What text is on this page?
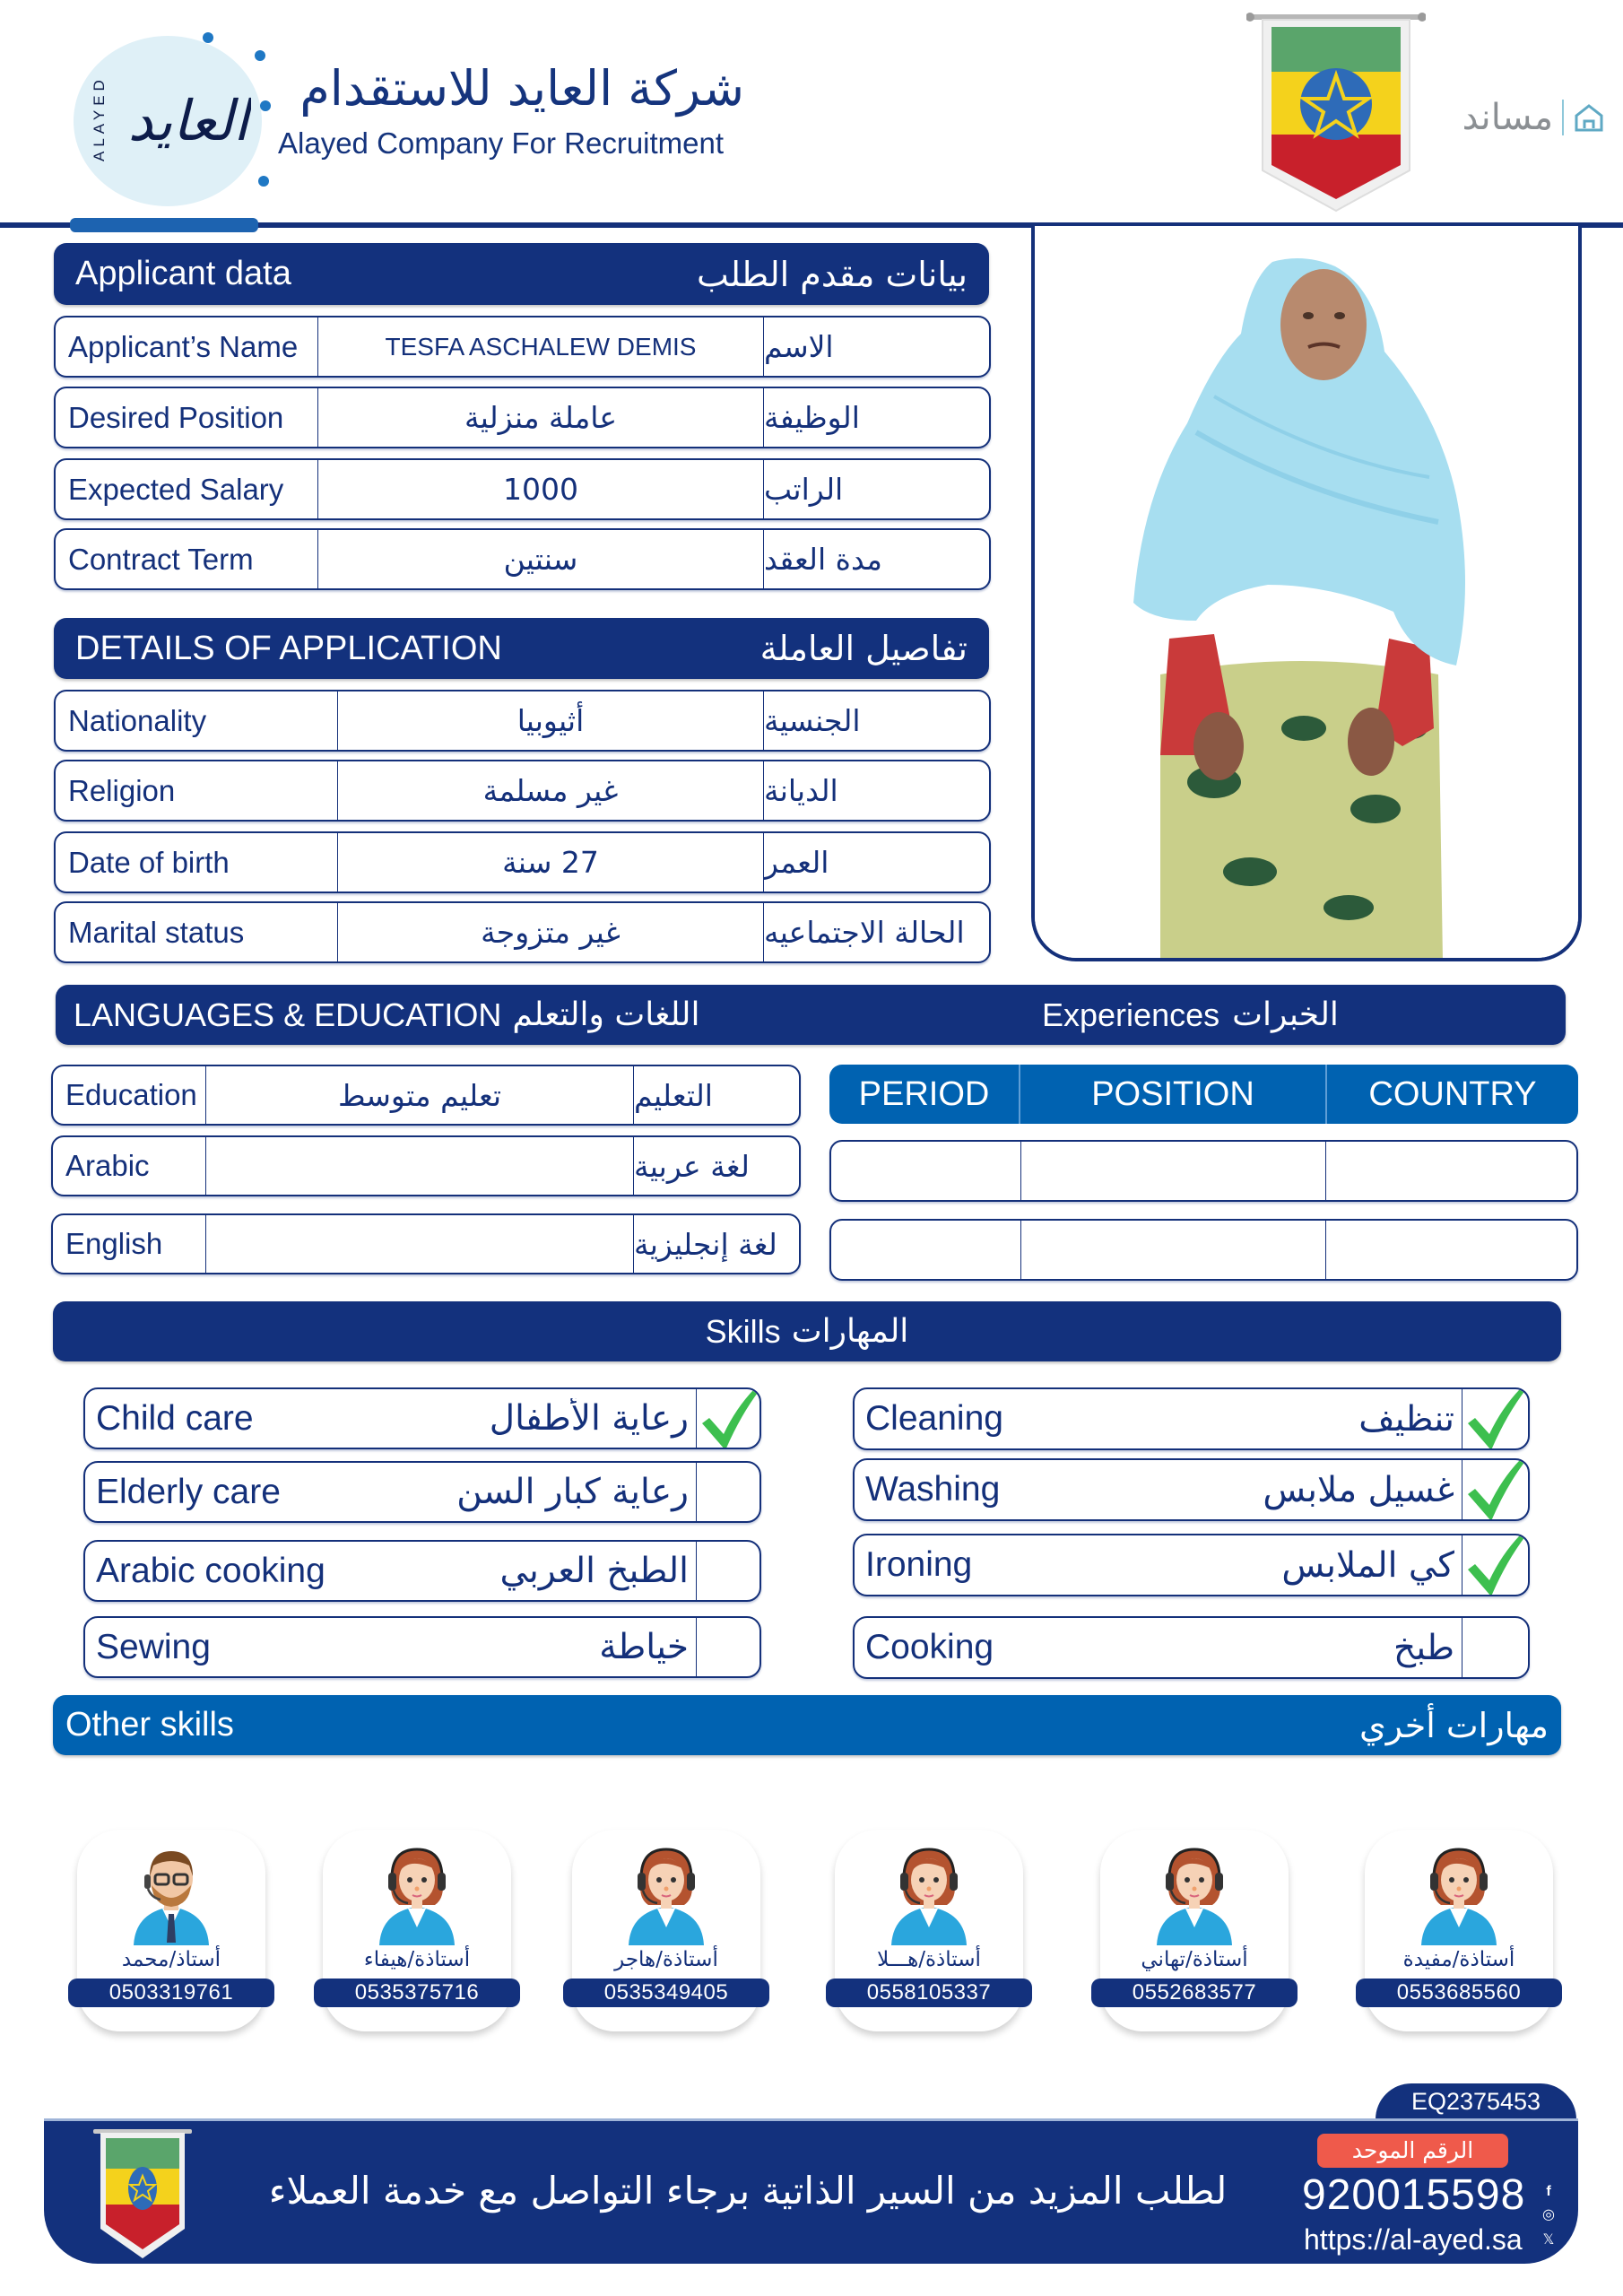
ALAYED العايد	شركة العايد للاستقدام
Alayed Company For Recruitment
مساند
Applicant data	بيانات مقدم الطلب
Applicant’s Name	TESFA ASCHALEW DEMIS	الاسم
Desired Position	عاملة منزلية	الوظيفة
Expected Salary	1000	الراتب
Contract Term	سنتين	مدة العقد
DETAILS OF APPLICATION	تفاصيل العاملة
Nationality	أثيوبيا	الجنسية
Religion	غير مسلمة	الديانة
Date of birth	27 سنة	العمر
Marital status	غير متزوجة	الحالة الاجتماعيه
LANGUAGES & EDUCATION اللغات والتعلم	Experiences الخبرات
Education	تعليم متوسط	التعليم
Arabic	لغة عربية
English	لغة إنجليزية
PERIOD	POSITION	COUNTRY
Skills المهارات
Child care	رعاية الأطفال
Elderly care	رعاية كبار السن
Arabic cooking	الطبخ العربي
Sewing	خياطة
Cleaning	تنظيف
Washing	غسيل ملابس
Ironing	كي الملابس
Cooking	طبخ
Other skills	مهارات أخري
أستاذ/محمد
0503319761
أستاذة/هيفاء
0535375716
أستاذة/هاجر
0535349405
أستاذة/هـــلا
0558105337
أستاذة/تهاني
0552683577
أستاذة/مفيدة
0553685560
EQ2375453
لطلب المزيد من السير الذاتية برجاء التواصل مع خدمة العملاء
الرقم الموحد
920015598
https://al-ayed.sa
f
◎
𝕏
